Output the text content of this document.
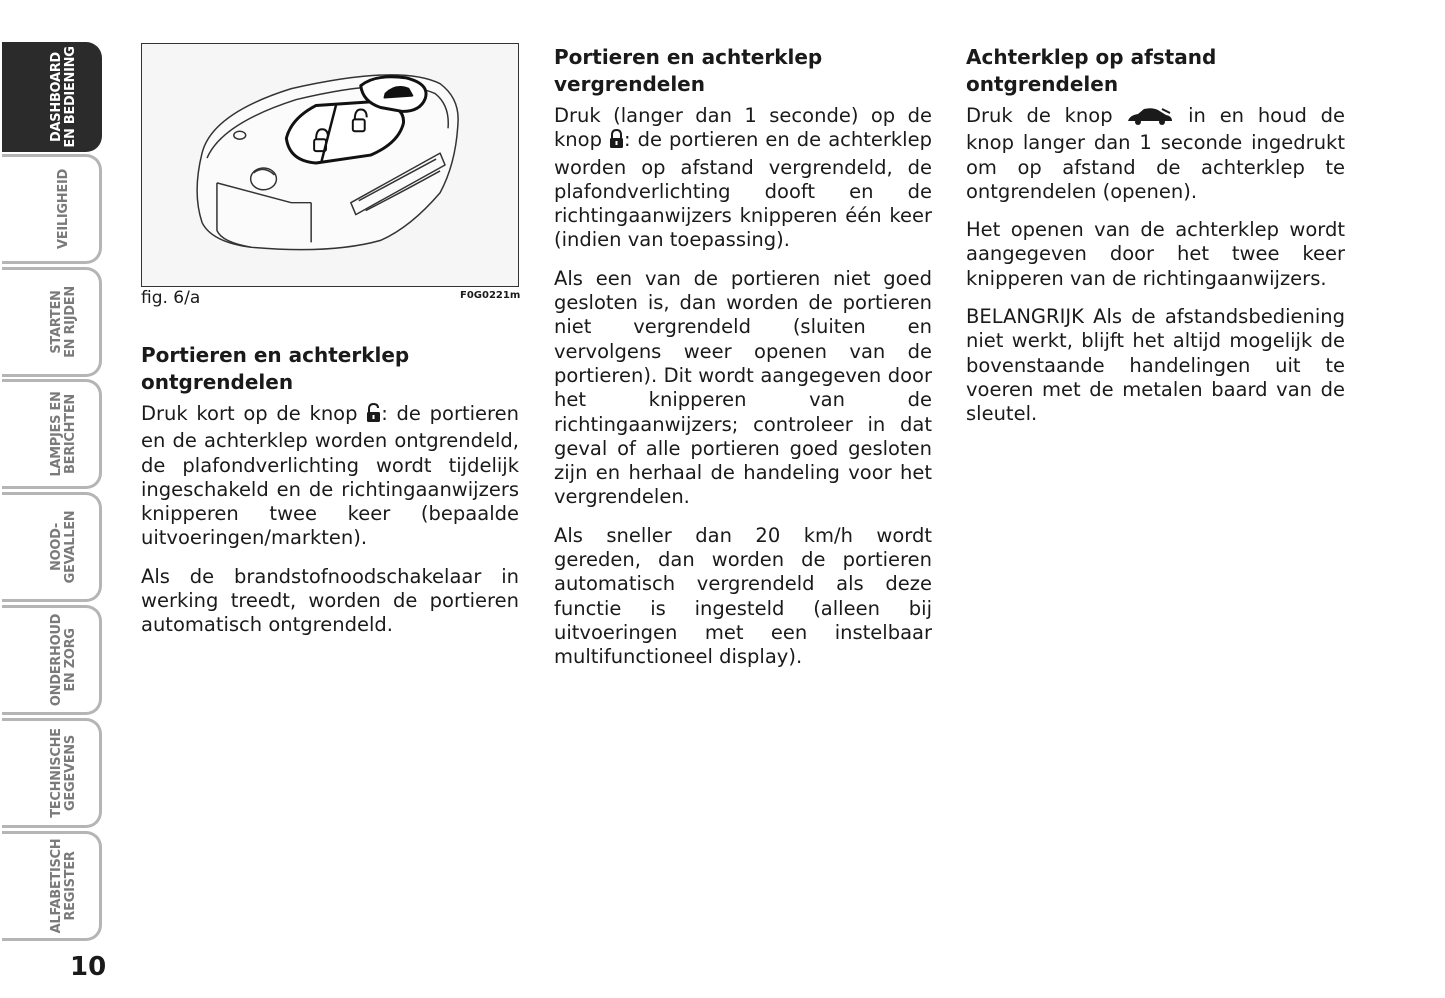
DASHBOARD EN BEDIENING
VEILIGHEID
STARTEN EN RIJDEN
LAMPJES EN BERICHTEN
NOOD- GEVALLEN
ONDERHOUD EN ZORG
TECHNISCHE GEGEVENS
ALFABETISCH REGISTER
10
fig. 6/a	F0G0221m
Portieren en achterklep ontgrendelen

Druk kort op de knop : de portieren en de achterklep worden ontgrendeld, de plafondverlichting wordt tijdelijk ingeschakeld en de richtingaanwijzers knipperen twee keer (bepaalde uitvoeringen/markten).

Als de brandstofnoodschakelaar in werking treedt, worden de portieren automatisch ontgrendeld.

Portieren en achterklep vergrendelen

Druk (langer dan 1 seconde) op de knop : de portieren en de achterklep worden op afstand vergrendeld, de plafondverlichting dooft en de richtingaanwijzers knipperen één keer (indien van toepassing).

Als een van de portieren niet goed gesloten is, dan worden de portieren niet vergrendeld (sluiten en vervolgens weer openen van de portieren). Dit wordt aangegeven door het knipperen van de richtingaanwijzers; controleer in dat geval of alle portieren goed gesloten zijn en herhaal de handeling voor het vergrendelen.

Als sneller dan 20 km/h wordt gereden, dan worden de portieren automatisch vergrendeld als deze functie is ingesteld (alleen bij uitvoeringen met een instelbaar multifunctioneel display).

Achterklep op afstand ontgrendelen

Druk de knop  in en houd de knop langer dan 1 seconde ingedrukt om op afstand de achterklep te ontgrendelen (openen).

Het openen van de achterklep wordt aangegeven door het twee keer knipperen van de richtingaanwijzers.

BELANGRIJK Als de afstandsbediening niet werkt, blijft het altijd mogelijk de bovenstaande handelingen uit te voeren met de metalen baard van de sleutel.
